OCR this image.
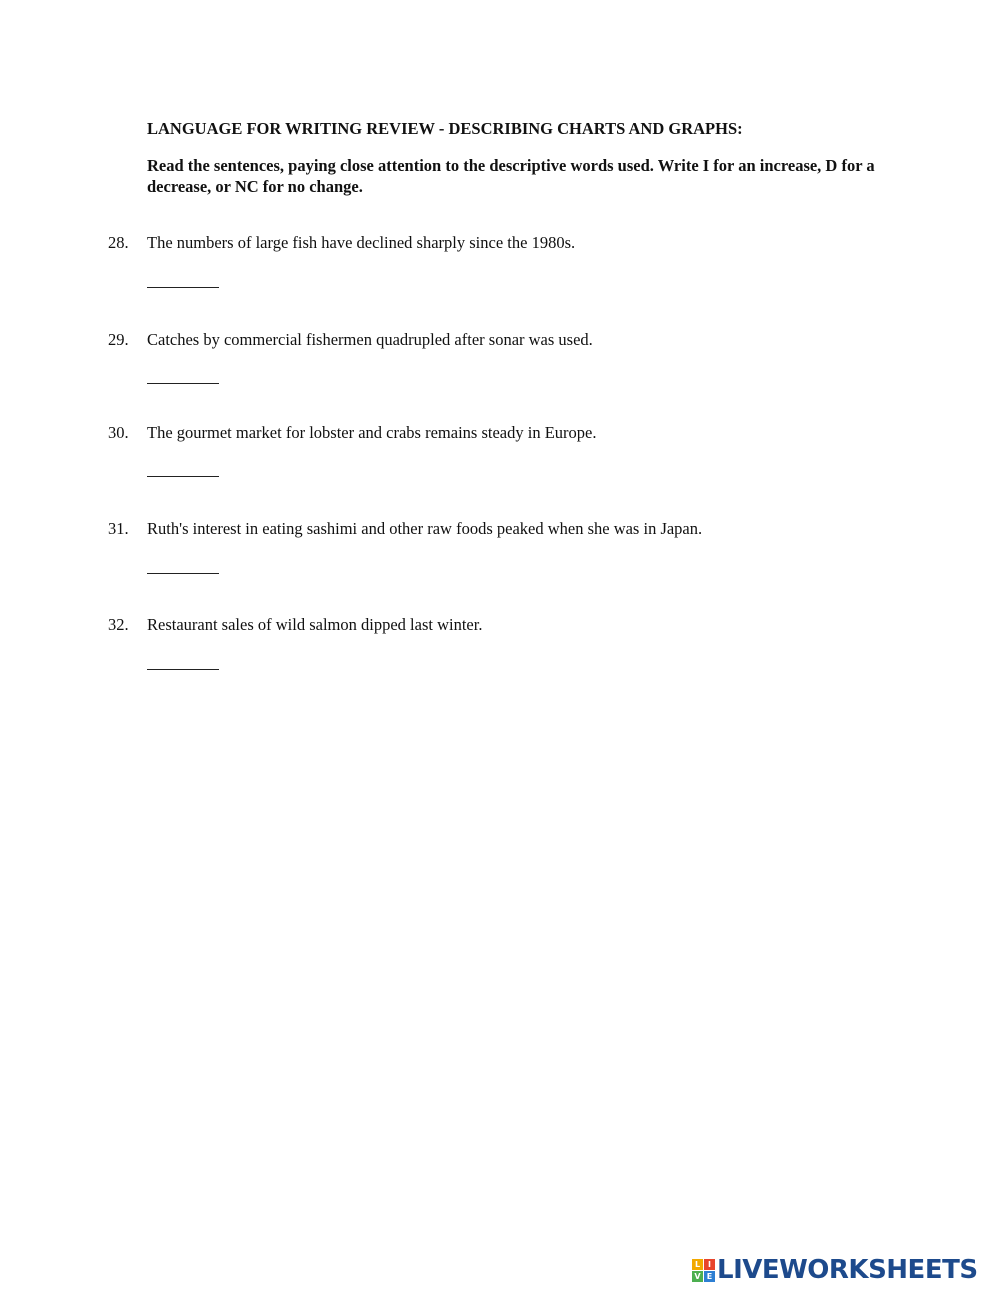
LANGUAGE FOR WRITING REVIEW - DESCRIBING CHARTS AND GRAPHS:
Read the sentences, paying close attention to the descriptive words used. Write I for an increase, D for a decrease, or NC for no change.
28. The numbers of large fish have declined sharply since the 1980s.
29. Catches by commercial fishermen quadrupled after sonar was used.
30. The gourmet market for lobster and crabs remains steady in Europe.
31. Ruth's interest in eating sashimi and other raw foods peaked when she was in Japan.
32. Restaurant sales of wild salmon dipped last winter.
L I
V E LIVEWORKSHEETS
